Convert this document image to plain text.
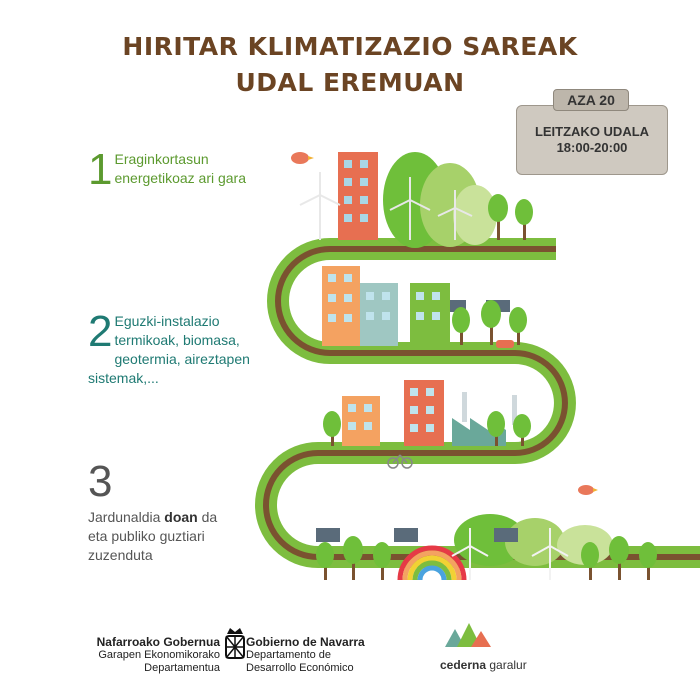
HIRITAR KLIMATIZAZIO SAREAK
UDAL EREMUAN
LEITZAKO UDALA
18:00-20:00
AZA 20
1 Eraginkortasun energetikoaz ari gara
2 Eguzki-instalazio termikoak, biomasa, geotermia, aireztapen sistemak,...
3
Jardunaldia doan da eta publiko guztiari zuzenduta
Nafarroako Gobernua
Garapen Ekonomikorako
Departamentua
Gobierno de Navarra
Departamento de
Desarrollo Económico	cederna garalur
